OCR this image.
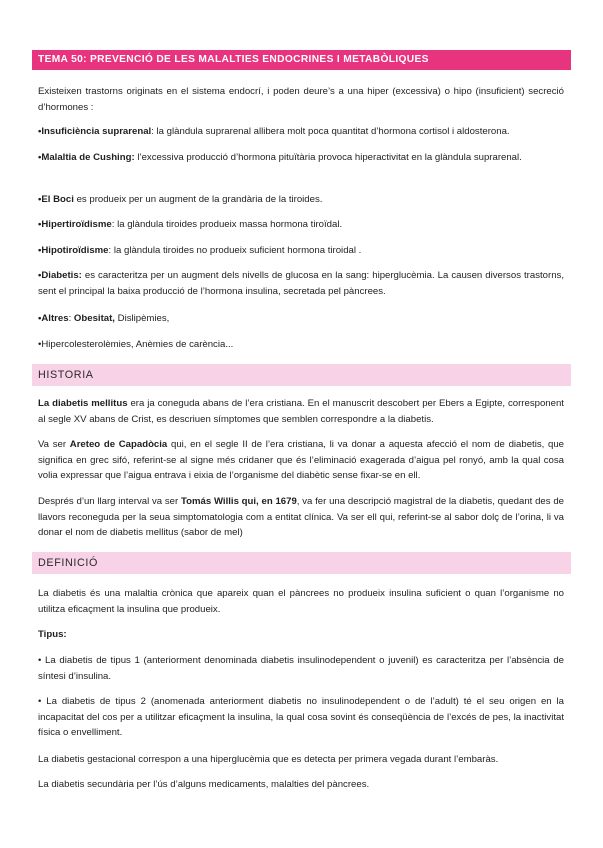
TEMA 50: PREVENCIÓ DE LES MALALTIES ENDOCRINES I METABÒLIQUES

Existeixen trastorns originats en el sistema endocrí, i poden deure’s a una hiper (excessiva) o hipo (insuficient) secreció d’hormones :

•Insuficiència suprarenal: la glàndula suprarenal allibera molt poca quantitat d’hormona cortisol i aldosterona.

•Malaltia de Cushing: l’excessiva producció d’hormona pituïtària provoca hiperactivitat en la glàndula suprarenal.

•El Boci es produeix per un augment de la grandària de la tiroides.

•Hipertiroïdisme: la glàndula tiroides produeix massa hormona tiroïdal.

•Hipotiroïdisme: la glàndula tiroides no produeix suficient hormona tiroidal .

•Diabetis: es caracteritza per un augment dels nivells de glucosa en la sang: hiperglucèmia. La causen diversos trastorns, sent el principal la baixa producció de l’hormona insulina, secretada pel pàncrees.

•Altres: Obesitat, Dislipèmies,

•Hipercolesterolèmies, Anèmies de carència...

HISTORIA

La diabetis mellitus era ja coneguda abans de l’era cristiana. En el manuscrit descobert per Ebers a Egipte, corresponent al segle XV abans de Crist, es descriuen símptomes que semblen correspondre a la diabetis.

Va ser Areteo de Capadòcia qui, en el segle II de l’era cristiana, li va donar a aquesta afecció el nom de diabetis, que significa en grec sifó, referint-se al signe més cridaner que és l’eliminació exagerada d’aigua pel ronyó, amb la qual cosa volia expressar que l’aigua entrava i eixia de l’organisme del diabètic sense fixar-se en ell.

Després d’un llarg interval va ser Tomás Willis qui, en 1679, va fer una descripció magistral de la diabetis, quedant des de llavors reconeguda per la seua simptomatologia com a entitat clínica. Va ser ell qui, referint-se al sabor dolç de l’orina, li va donar el nom de diabetis mellitus (sabor de mel)

DEFINICIÓ

La diabetis és una malaltia crònica que apareix quan el pàncrees no produeix insulina suficient o quan l’organisme no utilitza eficaçment la insulina que produeix.

Tipus:

• La diabetis de tipus 1 (anteriorment denominada diabetis insulinodependent o juvenil) es caracteritza per l’absència de síntesi d’insulina.

• La diabetis de tipus 2 (anomenada anteriorment diabetis no insulinodependent o de l’adult) té el seu origen en la incapacitat del cos per a utilitzar eficaçment la insulina, la qual cosa sovint és conseqüència de l’excés de pes, la inactivitat física o envelliment.

La diabetis gestacional correspon a una hiperglucèmia que es detecta per primera vegada durant l’embaràs.

La diabetis secundària per l’ús d’alguns medicaments, malalties del pàncrees.
